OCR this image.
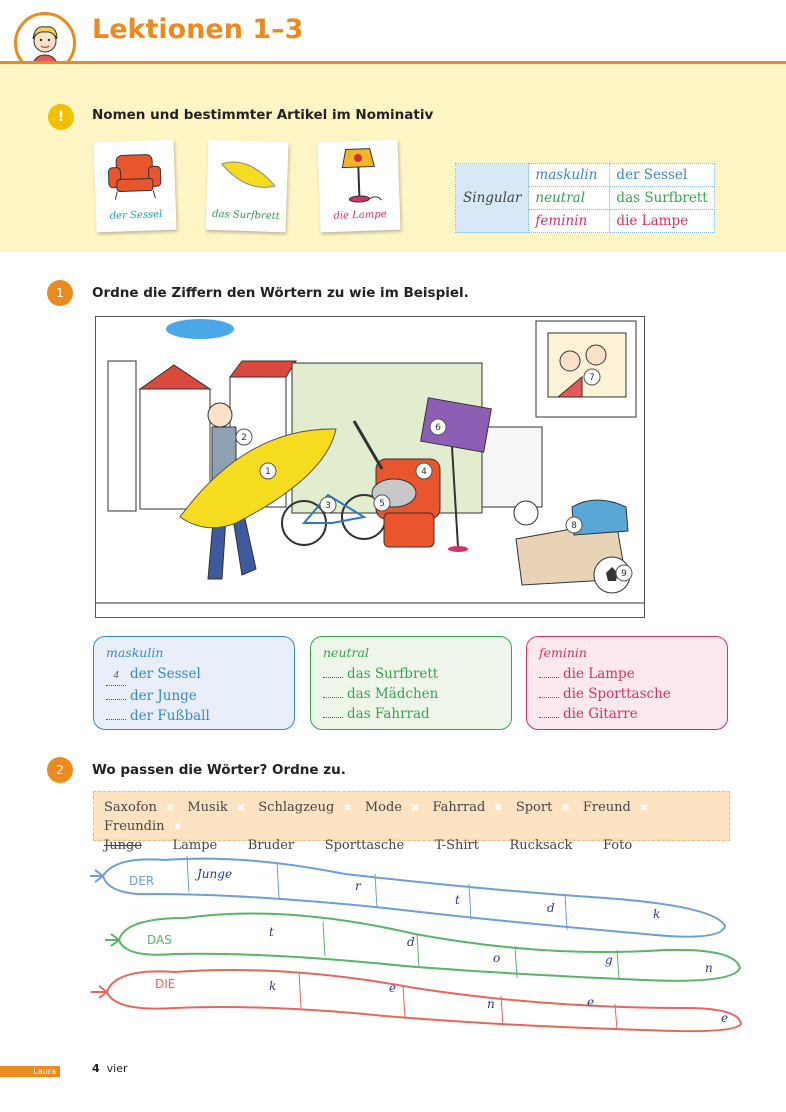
Lektionen 1–3
!	Nomen und bestimmter Artikel im Nominativ
der Sessel	das Surfbrett	die Lampe
Singular	maskulin	der Sessel
	neutral	das Surfbrett
	feminin	die Lampe
1	Ordne die Ziffern den Wörtern zu wie im Beispiel.
1
2
3
4
5
6
7
8
9
maskulin
4 der Sessel
der Junge
der Fußball
neutral
das Surfbrett
das Mädchen
das Fahrrad
feminin
die Lampe
die Sporttasche
die Gitarre
2	Wo passen die Wörter? Ordne zu.
Saxofon ✖ Musik ✖ Schlagzeug ✖ Mode ✖ Fahrrad ✖ Sport ✖ Freund ✖ Freundin ✖
Junge ✖ Lampe ✖ Bruder ✖ Sporttasche ✖ T-Shirt ✖ Rucksack ✖ Foto
DER	Junge
r
t
d	k
DAS
t
d
o	g
n
DIE	k	e
n	e
e
Laura	4 vier
